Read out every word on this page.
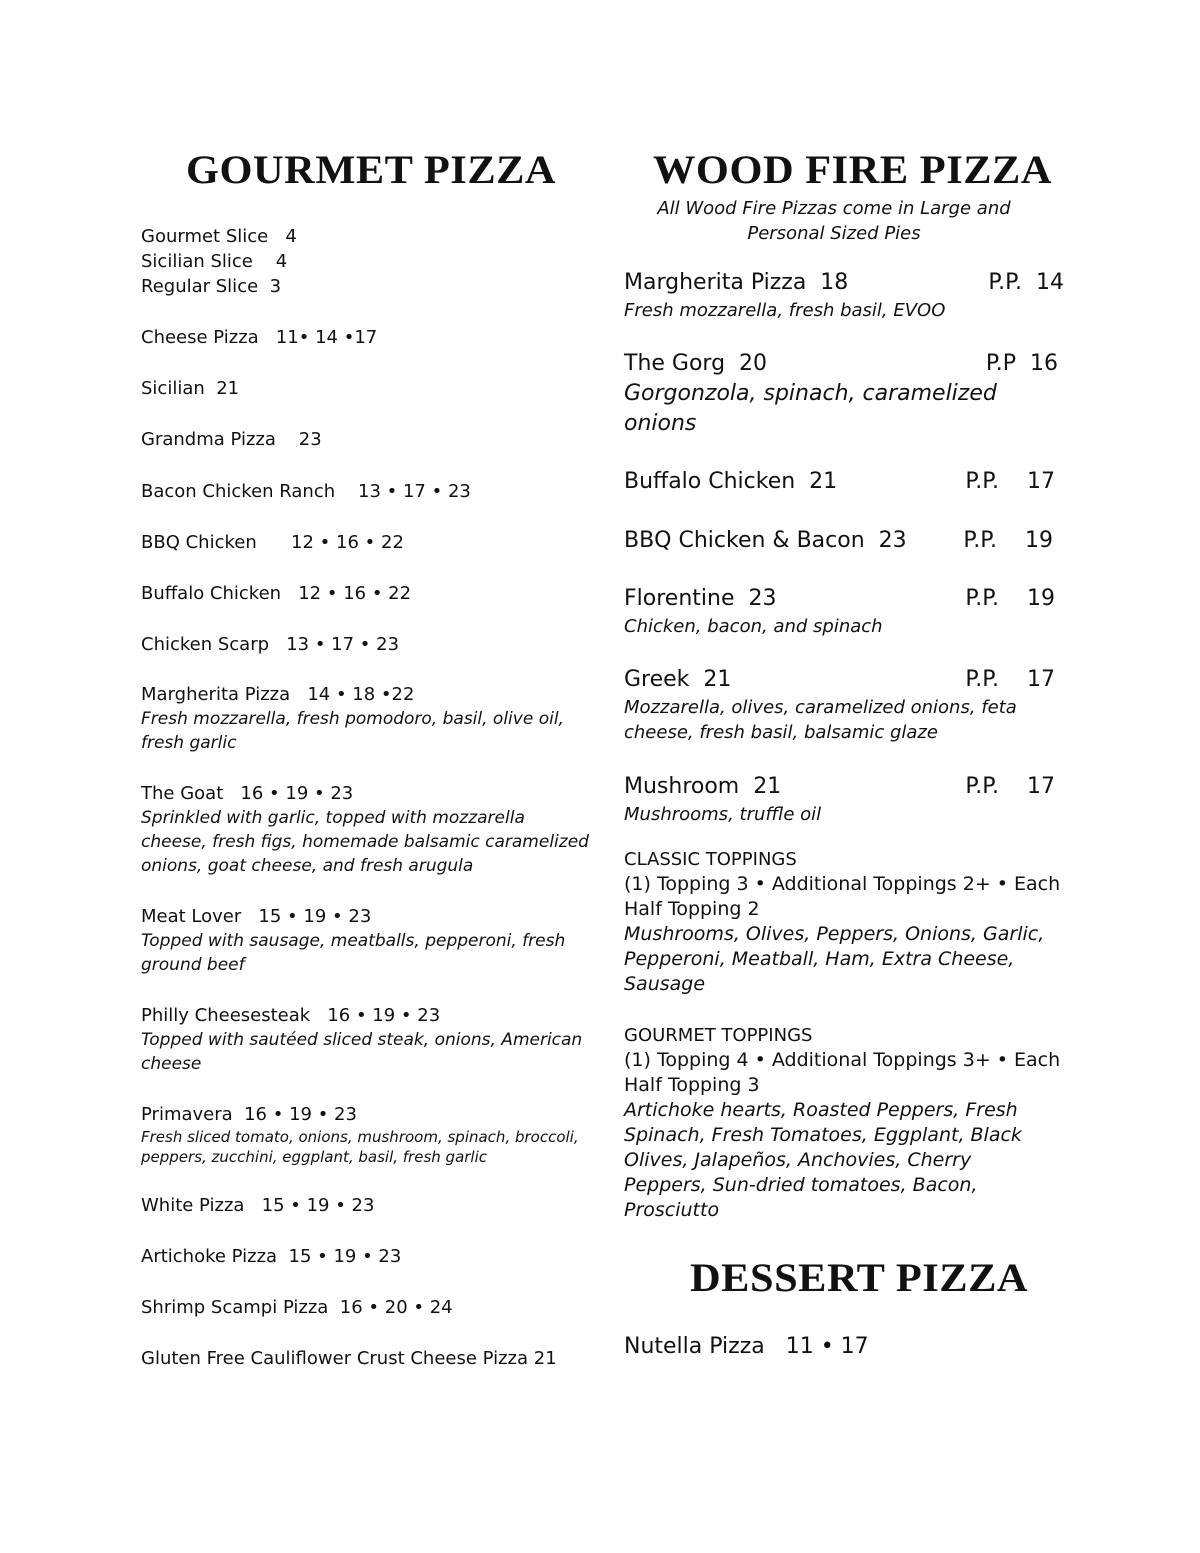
GOURMET PIZZA WOOD FIRE PIZZA
All Wood Fire Pizzas come in Large and Personal Sized Pies
Gourmet Slice   4
Sicilian Slice    4
Regular Slice  3
Cheese Pizza   11• 14 •17
Sicilian  21
Grandma Pizza    23
Bacon Chicken Ranch    13 • 17 • 23
BBQ Chicken      12 • 16 • 22
Buffalo Chicken   12 • 16 • 22
Chicken Scarp   13 • 17 • 23
Margherita Pizza   14 • 18 •22
Fresh mozzarella, fresh pomodoro, basil, olive oil, fresh garlic
The Goat   16 • 19 • 23
Sprinkled with garlic, topped with mozzarella cheese, fresh figs, homemade balsamic caramelized onions, goat cheese, and fresh arugula
Meat Lover   15 • 19 • 23
Topped with sausage, meatballs, pepperoni, fresh ground beef
Philly Cheesesteak   16 • 19 • 23
Topped with sautéed sliced steak, onions, American cheese
Primavera  16 • 19 • 23
Fresh sliced tomato, onions, mushroom, spinach, broccoli, peppers, zucchini, eggplant, basil, fresh garlic
White Pizza   15 • 19 • 23
Artichoke Pizza  15 • 19 • 23
Shrimp Scampi Pizza  16 • 20 • 24
Gluten Free Cauliflower Crust Cheese Pizza 21
Margherita Pizza  18	P.P.  14
Fresh mozzarella, fresh basil, EVOO
The Gorg  20	P.P  16
Gorgonzola, spinach, caramelized onions
Buffalo Chicken  21	P.P.    17
BBQ Chicken & Bacon  23	P.P.    19
Florentine  23	P.P.    19
Chicken, bacon, and spinach
Greek  21	P.P.    17
Mozzarella, olives, caramelized onions, feta cheese, fresh basil, balsamic glaze
Mushroom  21	P.P.    17
Mushrooms, truffle oil
CLASSIC TOPPINGS
(1) Topping 3 • Additional Toppings 2+ • Each Half Topping 2
Mushrooms, Olives, Peppers, Onions, Garlic, Pepperoni, Meatball, Ham, Extra Cheese, Sausage
GOURMET TOPPINGS
(1) Topping 4 • Additional Toppings 3+ • Each Half Topping 3
Artichoke hearts, Roasted Peppers, Fresh Spinach, Fresh Tomatoes, Eggplant, Black Olives, Jalapeños, Anchovies, Cherry Peppers, Sun-dried tomatoes, Bacon, Prosciutto
DESSERT PIZZA
Nutella Pizza   11 • 17
